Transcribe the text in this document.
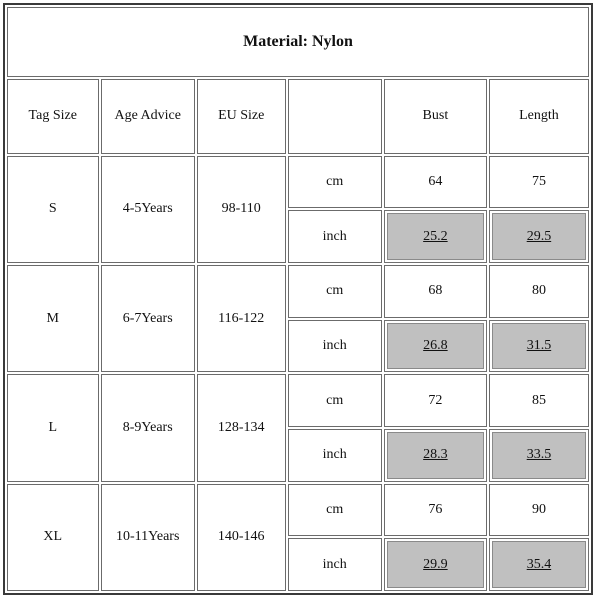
Material: Nylon					
Tag Size	Age Advice	EU Size		Bust	Length
S	4-5Years	98-110	cm	64	75
			inch	25.2	29.5
M	6-7Years	116-122	cm	68	80
			inch	26.8	31.5
L	8-9Years	128-134	cm	72	85
			inch	28.3	33.5
XL	10-11Years	140-146	cm	76	90
			inch	29.9	35.4
